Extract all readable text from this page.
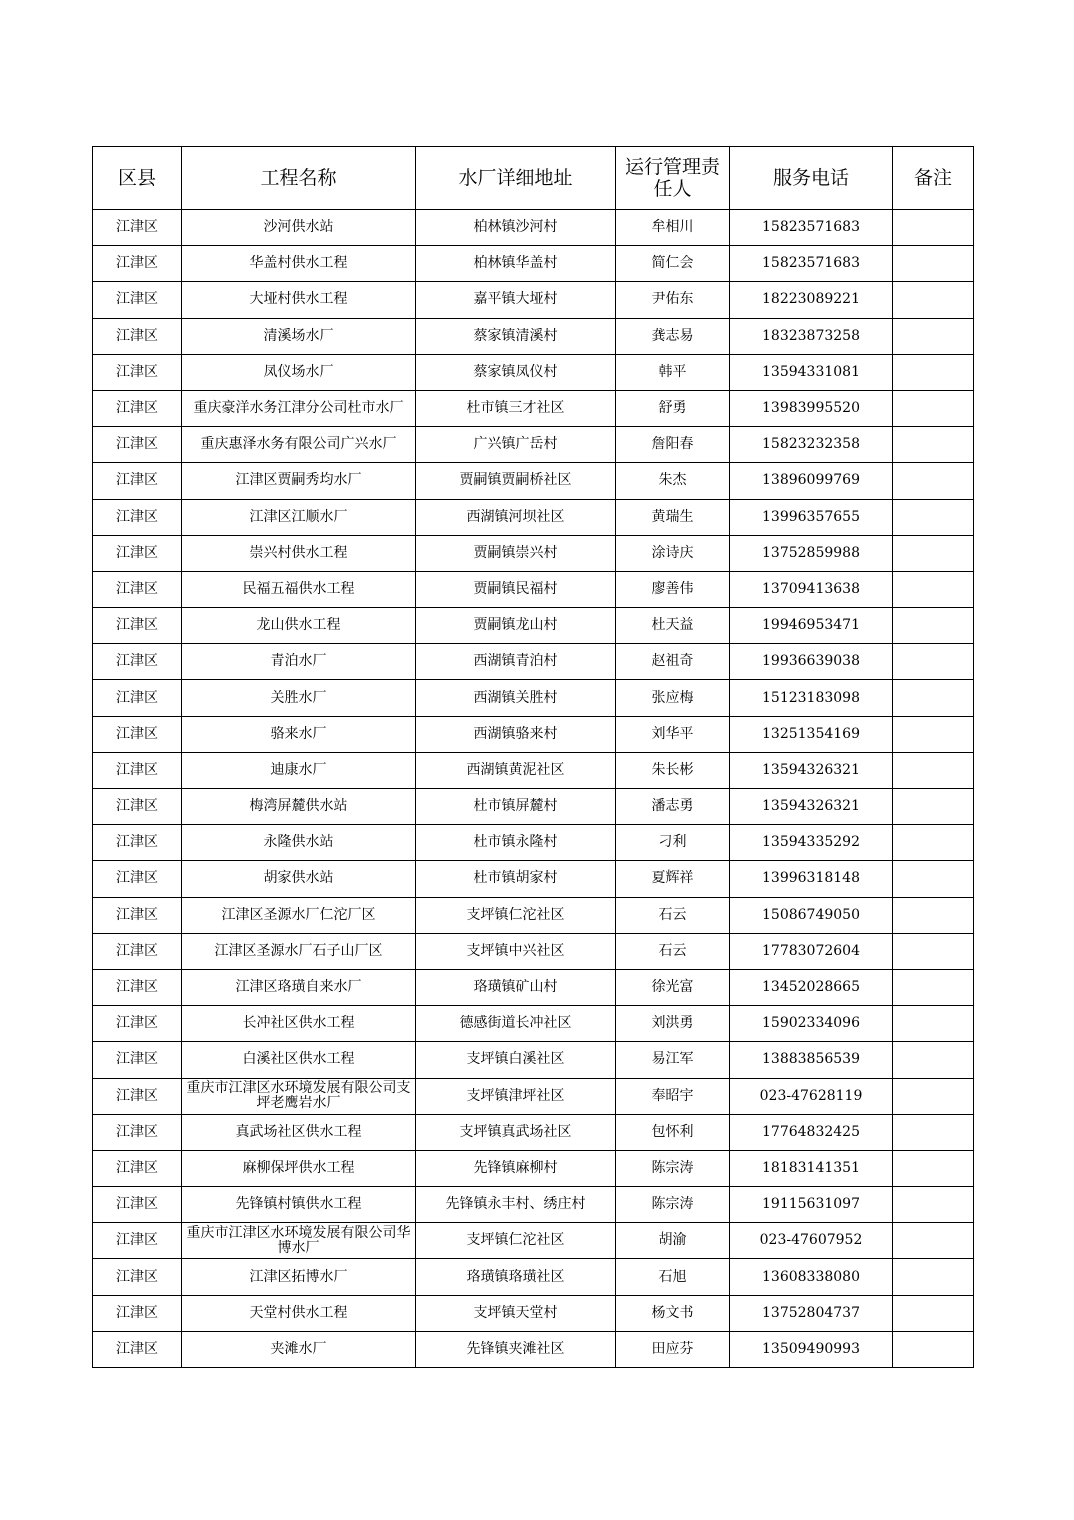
区县	工程名称	水厂详细地址	运行管理责任人	服务电话	备注
江津区	沙河供水站	柏林镇沙河村	牟相川	15823571683	
江津区	华盖村供水工程	柏林镇华盖村	简仁会	15823571683	
江津区	大垭村供水工程	嘉平镇大垭村	尹佑东	18223089221	
江津区	清溪场水厂	蔡家镇清溪村	龚志易	18323873258	
江津区	凤仪场水厂	蔡家镇凤仪村	韩平	13594331081	
江津区	重庆豪洋水务江津分公司杜市水厂	杜市镇三才社区	舒勇	13983995520	
江津区	重庆惠泽水务有限公司广兴水厂	广兴镇广岳村	詹阳春	15823232358	
江津区	江津区贾嗣秀均水厂	贾嗣镇贾嗣桥社区	朱杰	13896099769	
江津区	江津区江顺水厂	西湖镇河坝社区	黄瑞生	13996357655	
江津区	崇兴村供水工程	贾嗣镇崇兴村	涂诗庆	13752859988	
江津区	民福五福供水工程	贾嗣镇民福村	廖善伟	13709413638	
江津区	龙山供水工程	贾嗣镇龙山村	杜天益	19946953471	
江津区	青泊水厂	西湖镇青泊村	赵祖奇	19936639038	
江津区	关胜水厂	西湖镇关胜村	张应梅	15123183098	
江津区	骆来水厂	西湖镇骆来村	刘华平	13251354169	
江津区	迪康水厂	西湖镇黄泥社区	朱长彬	13594326321	
江津区	梅湾屏麓供水站	杜市镇屏麓村	潘志勇	13594326321	
江津区	永隆供水站	杜市镇永隆村	刁利	13594335292	
江津区	胡家供水站	杜市镇胡家村	夏辉祥	13996318148	
江津区	江津区圣源水厂仁沱厂区	支坪镇仁沱社区	石云	15086749050	
江津区	江津区圣源水厂石子山厂区	支坪镇中兴社区	石云	17783072604	
江津区	江津区珞璜自来水厂	珞璜镇矿山村	徐光富	13452028665	
江津区	长冲社区供水工程	德感街道长冲社区	刘洪勇	15902334096	
江津区	白溪社区供水工程	支坪镇白溪社区	易江军	13883856539	
江津区	重庆市江津区水环境发展有限公司支坪老鹰岩水厂	支坪镇津坪社区	奉昭宇	023-47628119	
江津区	真武场社区供水工程	支坪镇真武场社区	包怀利	17764832425	
江津区	麻柳保坪供水工程	先锋镇麻柳村	陈宗涛	18183141351	
江津区	先锋镇村镇供水工程	先锋镇永丰村、绣庄村	陈宗涛	19115631097	
江津区	重庆市江津区水环境发展有限公司华博水厂	支坪镇仁沱社区	胡渝	023-47607952	
江津区	江津区拓博水厂	珞璜镇珞璜社区	石旭	13608338080	
江津区	天堂村供水工程	支坪镇天堂村	杨文书	13752804737	
江津区	夹滩水厂	先锋镇夹滩社区	田应芬	13509490993	
